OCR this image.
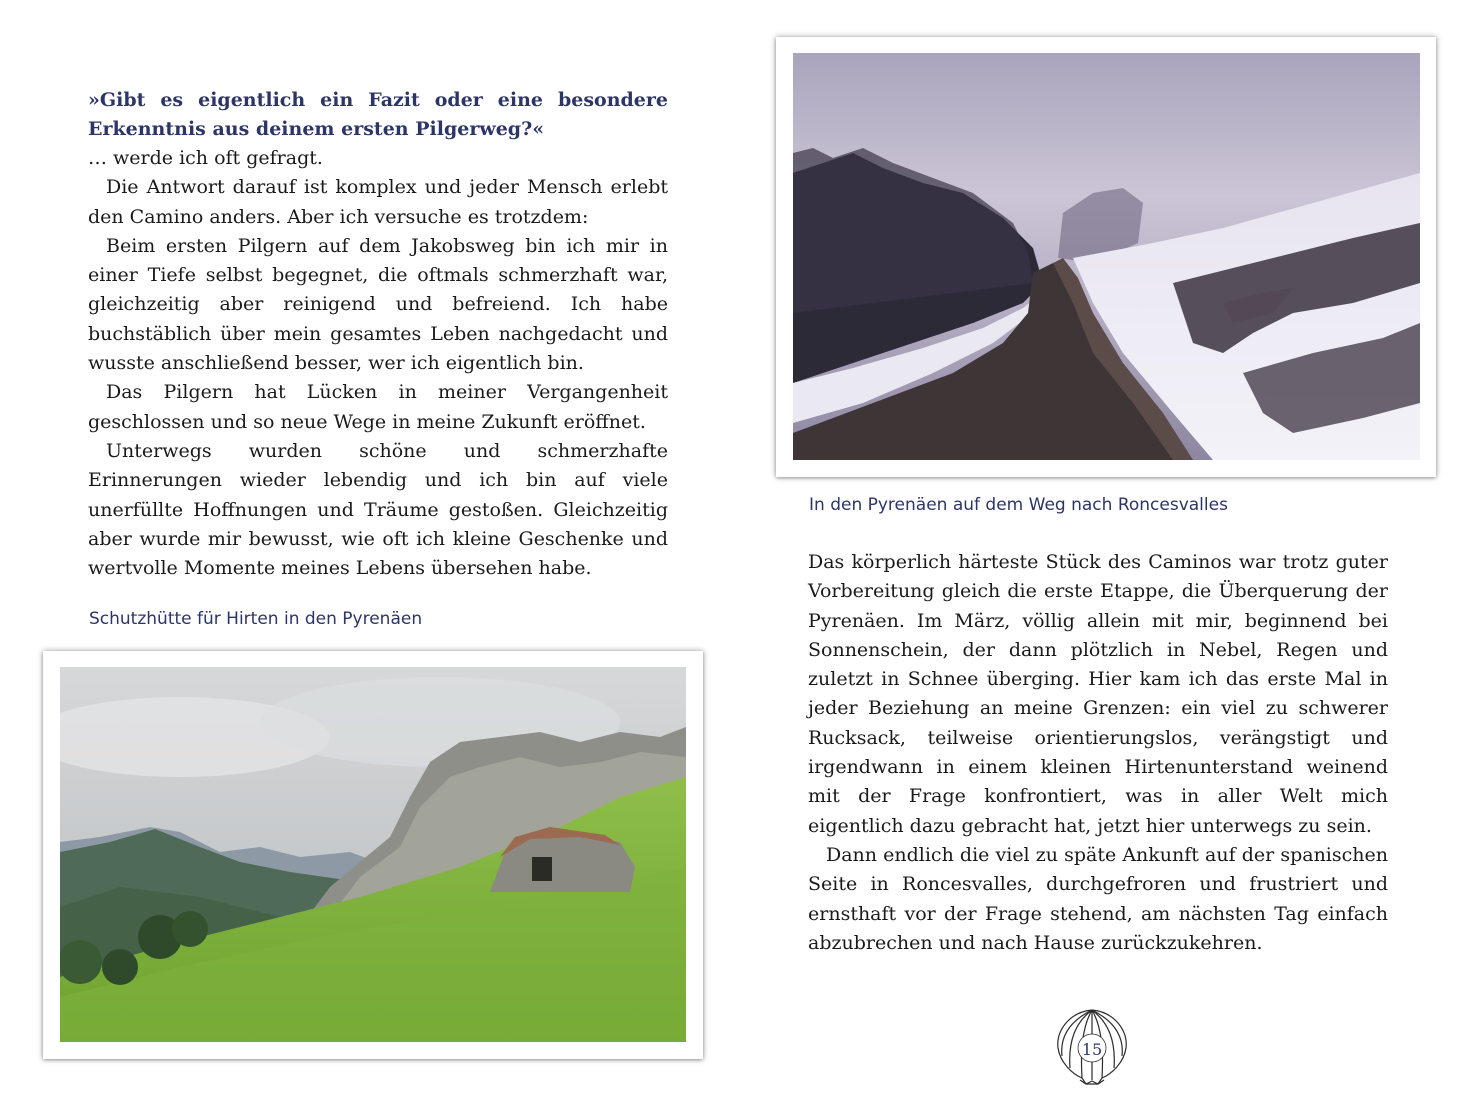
»Gibt es eigentlich ein Fazit oder eine besondere Erkenntnis aus deinem ersten Pilgerweg?«

… werde ich oft gefragt.

Die Antwort darauf ist komplex und jeder Mensch erlebt den Camino anders. Aber ich versuche es trotzdem:

Beim ersten Pilgern auf dem Jakobsweg bin ich mir in einer Tiefe selbst begegnet, die oftmals schmerzhaft war, gleichzeitig aber reinigend und befreiend. Ich habe buchstäblich über mein gesamtes Leben nachgedacht und wusste anschließend besser, wer ich eigentlich bin.

Das Pilgern hat Lücken in meiner Vergangenheit geschlossen und so neue Wege in meine Zukunft eröffnet.

Unterwegs wurden schöne und schmerzhafte Erinnerungen wieder lebendig und ich bin auf viele unerfüllte Hoffnungen und Träume gestoßen. Gleichzeitig aber wurde mir bewusst, wie oft ich kleine Geschenke und wertvolle Momente meines Lebens übersehen habe.

Schutzhütte für Hirten in den Pyrenäen

In den Pyrenäen auf dem Weg nach Roncesvalles

Das körperlich härteste Stück des Caminos war trotz guter Vorbereitung gleich die erste Etappe, die Überquerung der Pyrenäen. Im März, völlig allein mit mir, beginnend bei Sonnenschein, der dann plötzlich in Nebel, Regen und zuletzt in Schnee überging. Hier kam ich das erste Mal in jeder Beziehung an meine Grenzen: ein viel zu schwerer Rucksack, teilweise orientierungslos, verängstigt und irgendwann in einem kleinen Hirtenunterstand weinend mit der Frage konfrontiert, was in aller Welt mich eigentlich dazu gebracht hat, jetzt hier unterwegs zu sein.

Dann endlich die viel zu späte Ankunft auf der spanischen Seite in Roncesvalles, durchgefroren und frustriert und ernsthaft vor der Frage stehend, am nächsten Tag einfach abzubrechen und nach Hause zurückzukehren.

15
